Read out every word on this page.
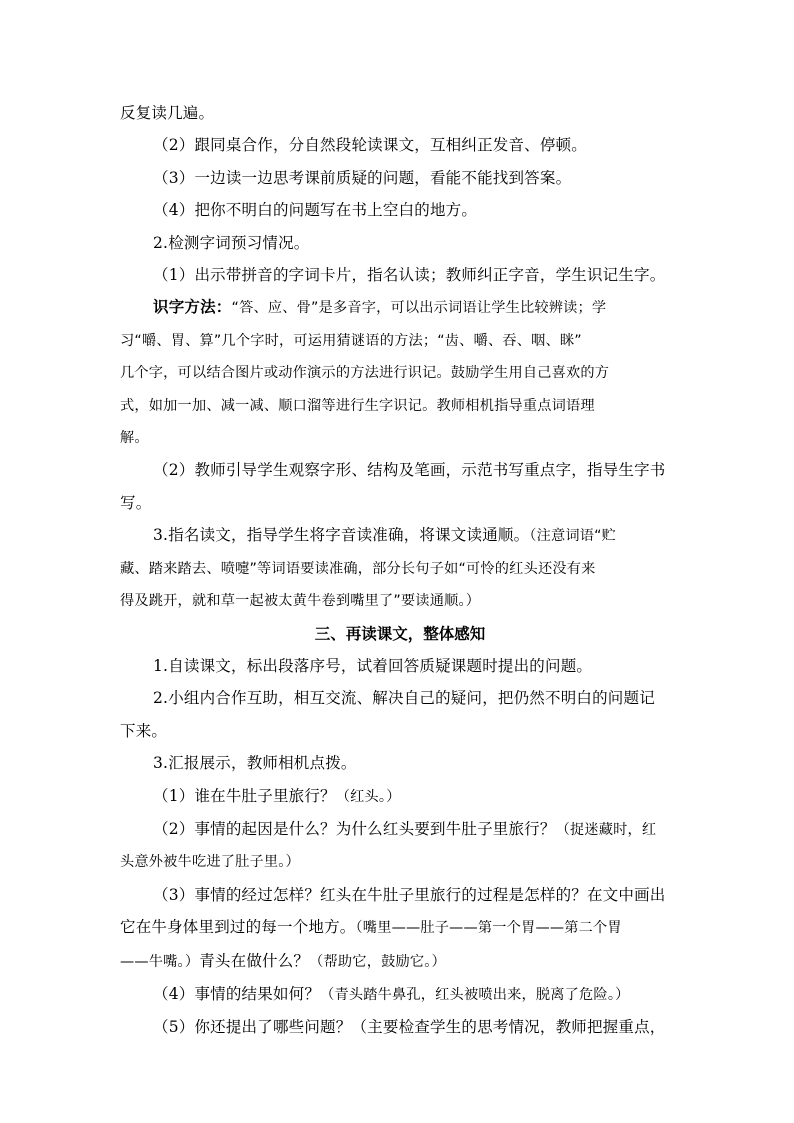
反复读几遍。

（2）跟同桌合作，分自然段轮读课文，互相纠正发音、停顿。

（3）一边读一边思考课前质疑的问题，看能不能找到答案。

（4）把你不明白的问题写在书上空白的地方。

2.检测字词预习情况。

（1）出示带拼音的字词卡片，指名认读；教师纠正字音，学生识记生字。

识字方法：“答、应、骨”是多音字，可以出示词语让学生比较辨读；学

习“嚼、胃、算”几个字时，可运用猜谜语的方法；“齿、嚼、吞、咽、眯”

几个字，可以结合图片或动作演示的方法进行识记。鼓励学生用自己喜欢的方

式，如加一加、减一减、顺口溜等进行生字识记。教师相机指导重点词语理

解。

（2）教师引导学生观察字形、结构及笔画，示范书写重点字，指导生字书

写。

3.指名读文，指导学生将字音读准确，将课文读通顺。（注意词语“贮

藏、踏来踏去、喷嚏”等词语要读准确，部分长句子如“可怜的红头还没有来

得及跳开，就和草一起被太黄牛卷到嘴里了”要读通顺。）

三、再读课文，整体感知

1.自读课文，标出段落序号，试着回答质疑课题时提出的问题。

2.小组内合作互助，相互交流、解决自己的疑问，把仍然不明白的问题记

下来。

3.汇报展示，教师相机点拨。

（1）谁在牛肚子里旅行？（红头。）

（2）事情的起因是什么？为什么红头要到牛肚子里旅行？（捉迷藏时，红

头意外被牛吃进了肚子里。）

（3）事情的经过怎样？红头在牛肚子里旅行的过程是怎样的？在文中画出

它在牛身体里到过的每一个地方。（嘴里——肚子——第一个胃——第二个胃

——牛嘴。）青头在做什么？（帮助它，鼓励它。）

（4）事情的结果如何？（青头踏牛鼻孔，红头被喷出来，脱离了危险。）

（5）你还提出了哪些问题？（主要检查学生的思考情况，教师把握重点，
